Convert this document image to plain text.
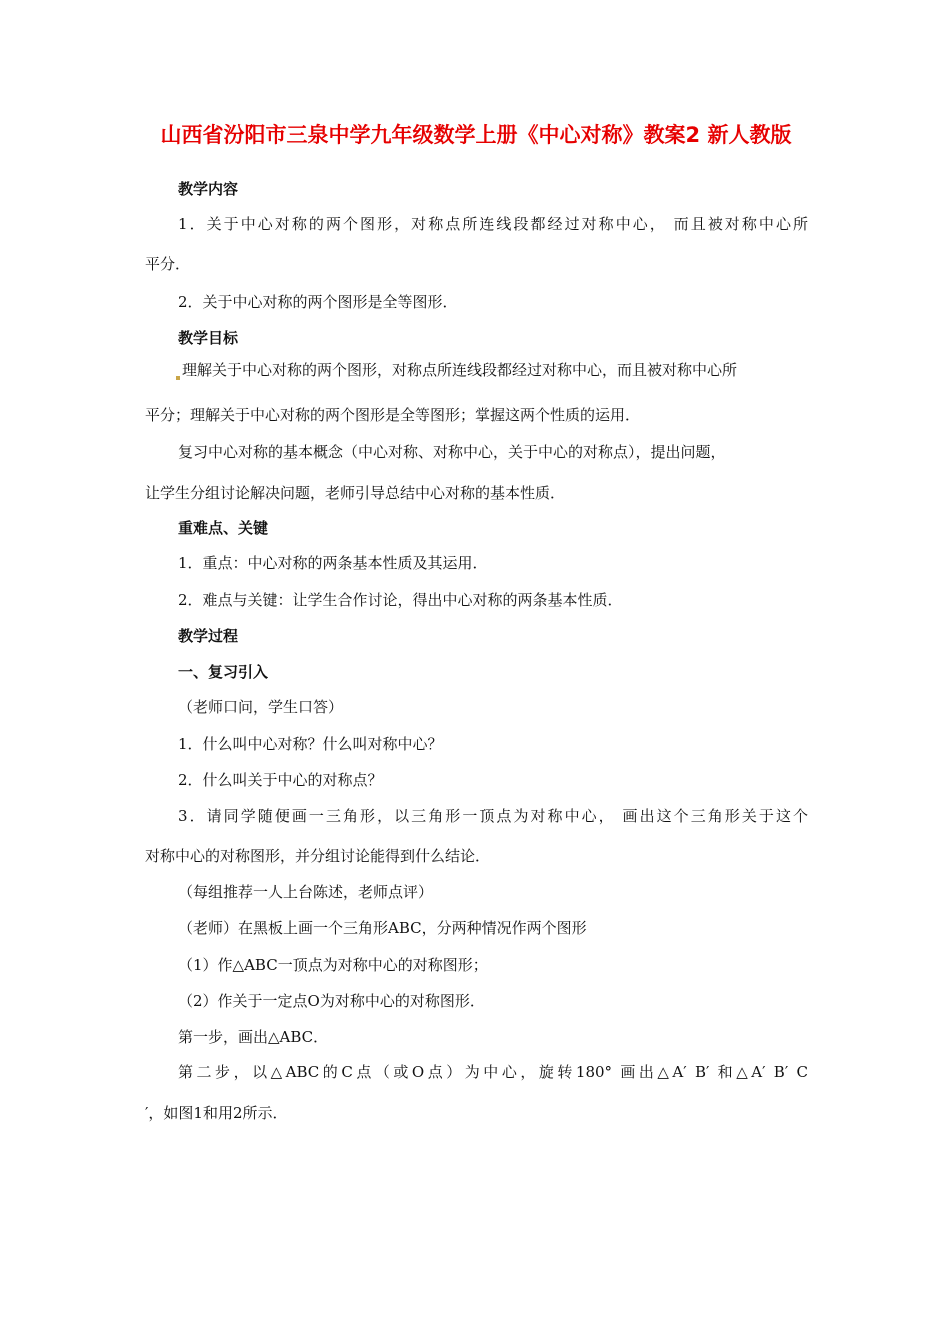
山西省汾阳市三泉中学九年级数学上册《中心对称》教案2 新人教版

教学内容

1．关于中心对称的两个图形，对称点所连线段都经过对称中心， 而且被对称中心所

平分．

2．关于中心对称的两个图形是全等图形．

教学目标

理解关于中心对称的两个图形，对称点所连线段都经过对称中心，而且被对称中心所

平分；理解关于中心对称的两个图形是全等图形；掌握这两个性质的运用．

复习中心对称的基本概念（中心对称、对称中心，关于中心的对称点），提出问题，

让学生分组讨论解决问题，老师引导总结中心对称的基本性质．

重难点、关键

1．重点：中心对称的两条基本性质及其运用．

2．难点与关键：让学生合作讨论，得出中心对称的两条基本性质．

教学过程

一、复习引入

（老师口问，学生口答）

1．什么叫中心对称？什么叫对称中心？

2．什么叫关于中心的对称点？

3．请同学随便画一三角形，以三角形一顶点为对称中心， 画出这个三角形关于这个

对称中心的对称图形，并分组讨论能得到什么结论．

（每组推荐一人上台陈述，老师点评）

（老师）在黑板上画一个三角形ABC，分两种情况作两个图形

（1）作△ABC一顶点为对称中心的对称图形；

（2）作关于一定点O为对称中心的对称图形．

第一步，画出△ABC．

第二步，以△ABC的C点（或O点）为中心，旋转180° 画出△A′ B′ 和△A′ B′ C

′，如图1和用2所示．
